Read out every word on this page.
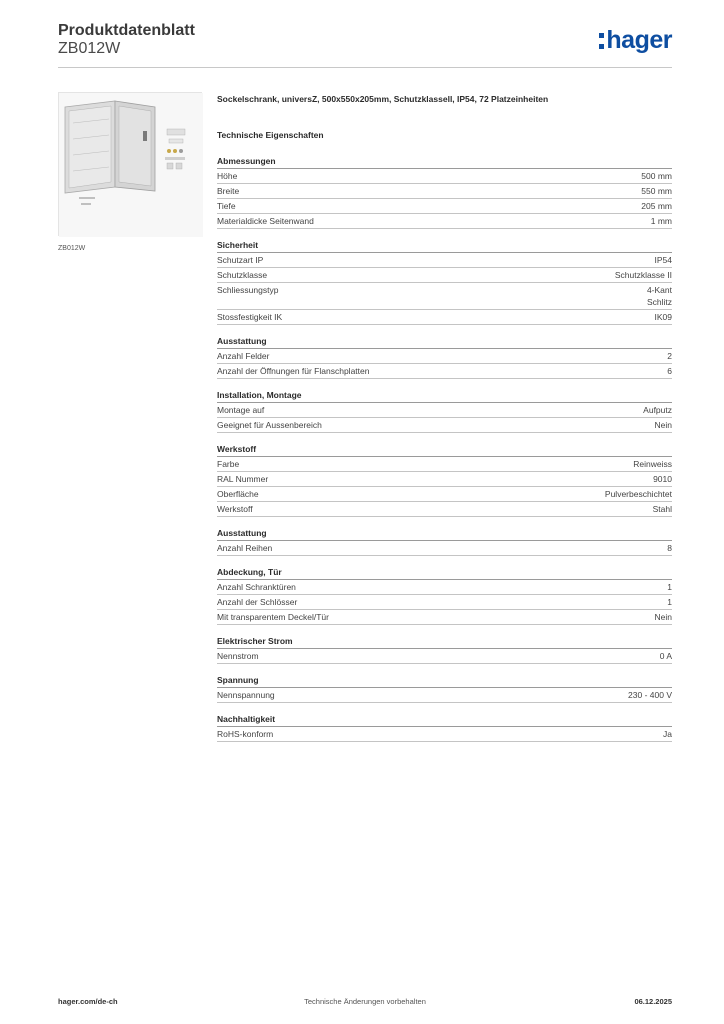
Produktdatenblatt
ZB012W	hager
ZB012W
Sockelschrank, universZ, 500x550x205mm, Schutzklassell, IP54, 72 Platzeinheiten
Technische Eigenschaften
Abmessungen
Höhe	500 mm
Breite	550 mm
Tiefe	205 mm
Materialdicke Seitenwand	1 mm
Sicherheit
Schutzart IP	IP54
Schutzklasse	Schutzklasse II
Schliessungstyp	4-Kant
Schlitz
Stossfestigkeit IK	IK09
Ausstattung
Anzahl Felder	2
Anzahl der Öffnungen für Flanschplatten	6
Installation, Montage
Montage auf	Aufputz
Geeignet für Aussenbereich	Nein
Werkstoff
Farbe	Reinweiss
RAL Nummer	9010
Oberfläche	Pulverbeschichtet
Werkstoff	Stahl
Ausstattung
Anzahl Reihen	8
Abdeckung, Tür
Anzahl Schranktüren	1
Anzahl der Schlösser	1
Mit transparentem Deckel/Tür	Nein
Elektrischer Strom
Nennstrom	0 A
Spannung
Nennspannung	230 - 400 V
Nachhaltigkeit
RoHS-konform	Ja
hager.com/de-ch	Technische Änderungen vorbehalten	06.12.2025
